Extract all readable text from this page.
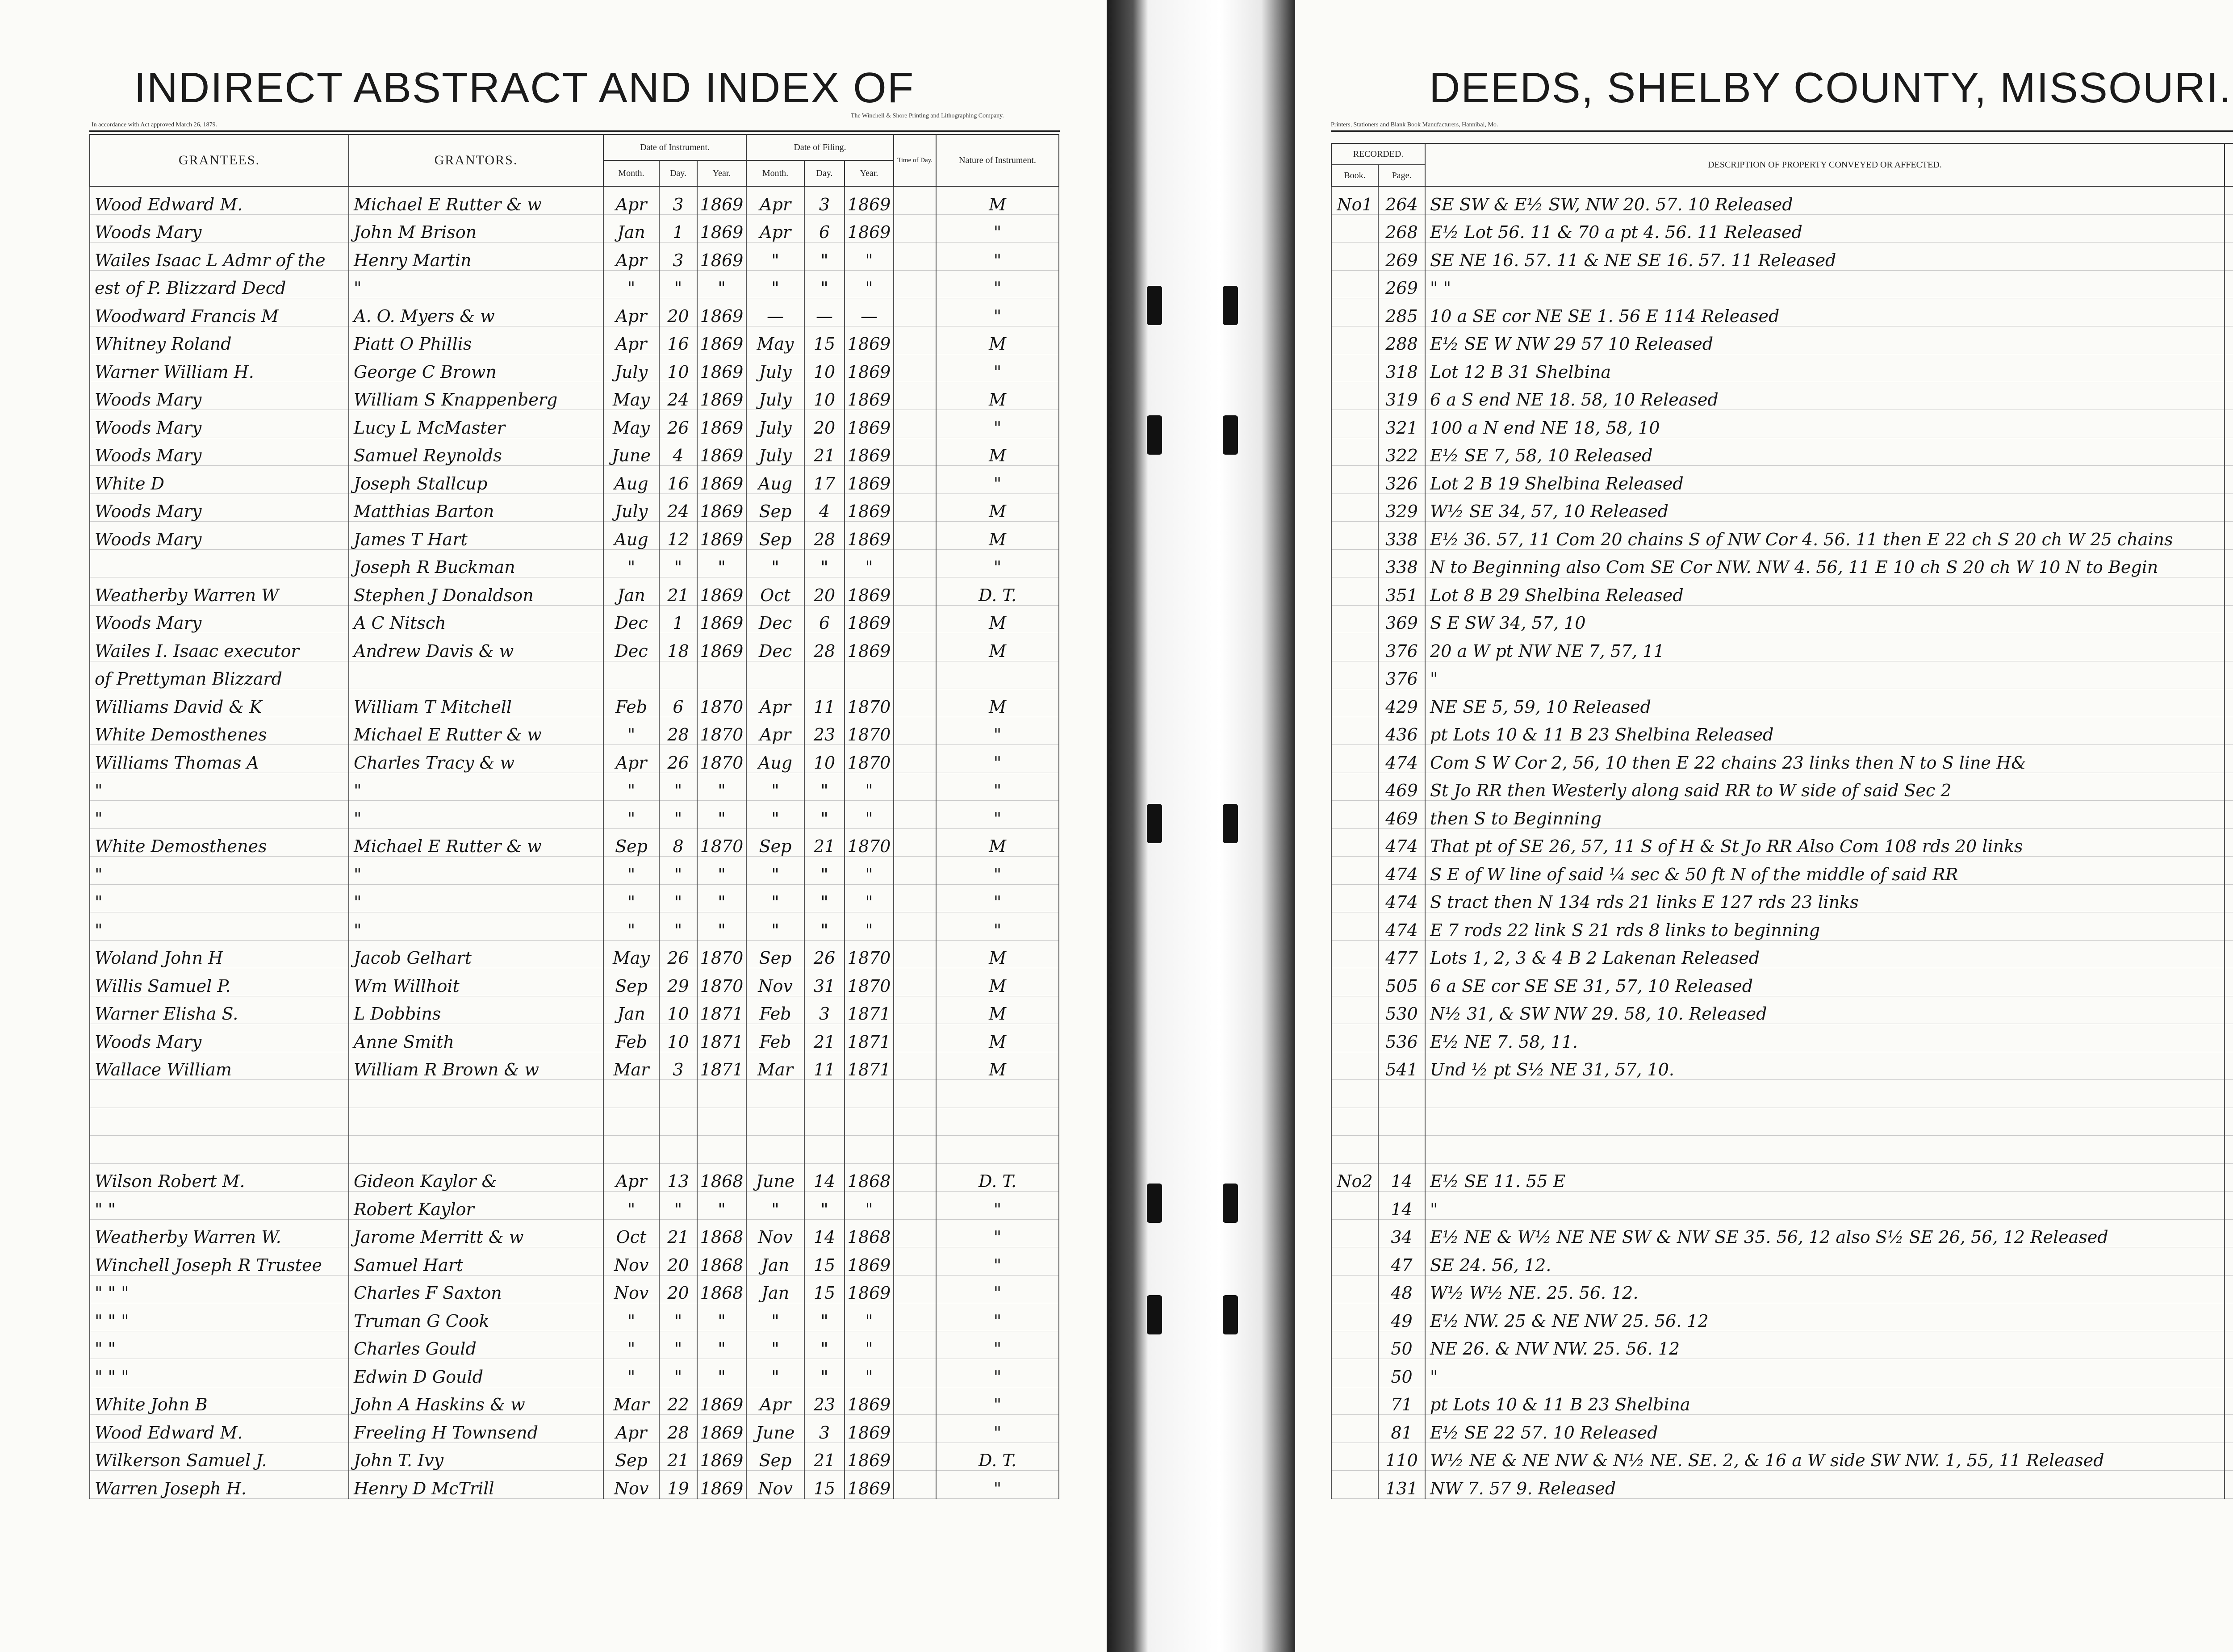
INDIRECT ABSTRACT AND INDEX OF
In accordance with Act approved March 26, 1879.
The Winchell & Shore Printing and Lithographing Company.
GRANTEES.	GRANTORS.	Date of Instrument.			Date of Filing.			Time of Day.	Nature of Instrument.
		Month.	Day.	Year.	Month.	Day.	Year.		
Wood Edward M.	Michael E Rutter & w	Apr	3	1869	Apr	3	1869		M
Woods Mary	John M Brison	Jan	1	1869	Apr	6	1869		"
Wailes Isaac L Admr of the	Henry Martin	Apr	3	1869	"	"	"		"
est of P. Blizzard Decd	"	"	"	"	"	"	"		"
Woodward Francis M	A. O. Myers & w	Apr	20	1869	—	—	—		"
Whitney Roland	Piatt O Phillis	Apr	16	1869	May	15	1869		M
Warner William H.	George C Brown	July	10	1869	July	10	1869		"
Woods Mary	William S Knappenberg	May	24	1869	July	10	1869		M
Woods Mary	Lucy L McMaster	May	26	1869	July	20	1869		"
Woods Mary	Samuel Reynolds	June	4	1869	July	21	1869		M
White D	Joseph Stallcup	Aug	16	1869	Aug	17	1869		"
Woods Mary	Matthias Barton	July	24	1869	Sep	4	1869		M
Woods Mary	James T Hart	Aug	12	1869	Sep	28	1869		M
	Joseph R Buckman	"	"	"	"	"	"		"
Weatherby Warren W	Stephen J Donaldson	Jan	21	1869	Oct	20	1869		D. T.
Woods Mary	A C Nitsch	Dec	1	1869	Dec	6	1869		M
Wailes I. Isaac executor	Andrew Davis & w	Dec	18	1869	Dec	28	1869		M
of Prettyman Blizzard									
Williams David & K	William T Mitchell	Feb	6	1870	Apr	11	1870		M
White Demosthenes	Michael E Rutter & w	"	28	1870	Apr	23	1870		"
Williams Thomas A	Charles Tracy & w	Apr	26	1870	Aug	10	1870		"
"	"	"	"	"	"	"	"		"
"	"	"	"	"	"	"	"		"
White Demosthenes	Michael E Rutter & w	Sep	8	1870	Sep	21	1870		M
"	"	"	"	"	"	"	"		"
"	"	"	"	"	"	"	"		"
"	"	"	"	"	"	"	"		"
Woland John H	Jacob Gelhart	May	26	1870	Sep	26	1870		M
Willis Samuel P.	Wm Willhoit	Sep	29	1870	Nov	31	1870		M
Warner Elisha S.	L Dobbins	Jan	10	1871	Feb	3	1871		M
Woods Mary	Anne Smith	Feb	10	1871	Feb	21	1871		M
Wallace William	William R Brown & w	Mar	3	1871	Mar	11	1871		M

Wilson Robert M.	Gideon Kaylor &	Apr	13	1868	June	14	1868		D. T.
" "	Robert Kaylor	"	"	"	"	"	"		"
Weatherby Warren W.	Jarome Merritt & w	Oct	21	1868	Nov	14	1868		"
Winchell Joseph R Trustee	Samuel Hart	Nov	20	1868	Jan	15	1869		"
" " "	Charles F Saxton	Nov	20	1868	Jan	15	1869		"
" " "	Truman G Cook	"	"	"	"	"	"		"
" "	Charles Gould	"	"	"	"	"	"		"
" " "	Edwin D Gould	"	"	"	"	"	"		"
White John B	John A Haskins & w	Mar	22	1869	Apr	23	1869		"
Wood Edward M.	Freeling H Townsend	Apr	28	1869	June	3	1869		"
Wilkerson Samuel J.	John T. Ivy	Sep	21	1869	Sep	21	1869		D. T.
Warren Joseph H.	Henry D McTrill	Nov	19	1869	Nov	15	1869		"
DEEDS, SHELBY COUNTY, MISSOURI.
Printers, Stationers and Blank Book Manufacturers, Hannibal, Mo.
RECORDED.		DESCRIPTION OF PROPERTY CONVEYED OR AFFECTED.			
Book.	Page.				
No1	264	SE SW & E½ SW, NW 20. 57. 10 Released			
	268	E½ Lot 56. 11 & 70 a pt 4. 56. 11 Released			
	269	SE NE 16. 57. 11 & NE SE 16. 57. 11 Released			
	269	" "			
	285	10 a SE cor NE SE 1. 56 E 114 Released			
	288	E½ SE W NW 29 57 10 Released			
	318	Lot 12 B 31 Shelbina			
	319	6 a S end NE 18. 58, 10 Released			
	321	100 a N end NE 18, 58, 10			
	322	E½ SE 7, 58, 10 Released			
	326	Lot 2 B 19 Shelbina Released			
	329	W½ SE 34, 57, 10 Released			
	338	E½ 36. 57, 11 Com 20 chains S of NW Cor 4. 56. 11 then E 22 ch S 20 ch W 25 chains			
	338	N to Beginning also Com SE Cor NW. NW 4. 56, 11 E 10 ch S 20 ch W 10 N to Begin			
	351	Lot 8 B 29 Shelbina Released			
	369	S E SW 34, 57, 10			
	376	20 a W pt NW NE 7, 57, 11			
	376	"			
	429	NE SE 5, 59, 10 Released			
	436	pt Lots 10 & 11 B 23 Shelbina Released			
	474	Com S W Cor 2, 56, 10 then E 22 chains 23 links then N to S line H&			
	469	St Jo RR then Westerly along said RR to W side of said Sec 2			
	469	then S to Beginning			
	474	That pt of SE 26, 57, 11 S of H & St Jo RR Also Com 108 rds 20 links			
	474	S E of W line of said ¼ sec & 50 ft N of the middle of said RR			
	474	S tract then N 134 rds 21 links E 127 rds 23 links			
	474	E 7 rods 22 link S 21 rds 8 links to beginning			
	477	Lots 1, 2, 3 & 4 B 2 Lakenan Released			
	505	6 a SE cor SE SE 31, 57, 10 Released			
	530	N½ 31, & SW NW 29. 58, 10. Released			
	536	E½ NE 7. 58, 11.			
	541	Und ½ pt S½ NE 31, 57, 10.			

No2	14	E½ SE 11. 55 E			
	14	"			
	34	E½ NE & W½ NE NE SW & NW SE 35. 56, 12 also S½ SE 26, 56, 12 Released			
	47	SE 24. 56, 12.			
	48	W½ W½ NE. 25. 56. 12.			
	49	E½ NW. 25 & NE NW 25. 56. 12			
	50	NE 26. & NW NW. 25. 56. 12			
	50	"			
	71	pt Lots 10 & 11 B 23 Shelbina			
	81	E½ SE 22 57. 10 Released			
	110	W½ NE & NE NW & N½ NE. SE. 2, & 16 a W side SW NW. 1, 55, 11 Released			
	131	NW 7. 57 9. Released			
